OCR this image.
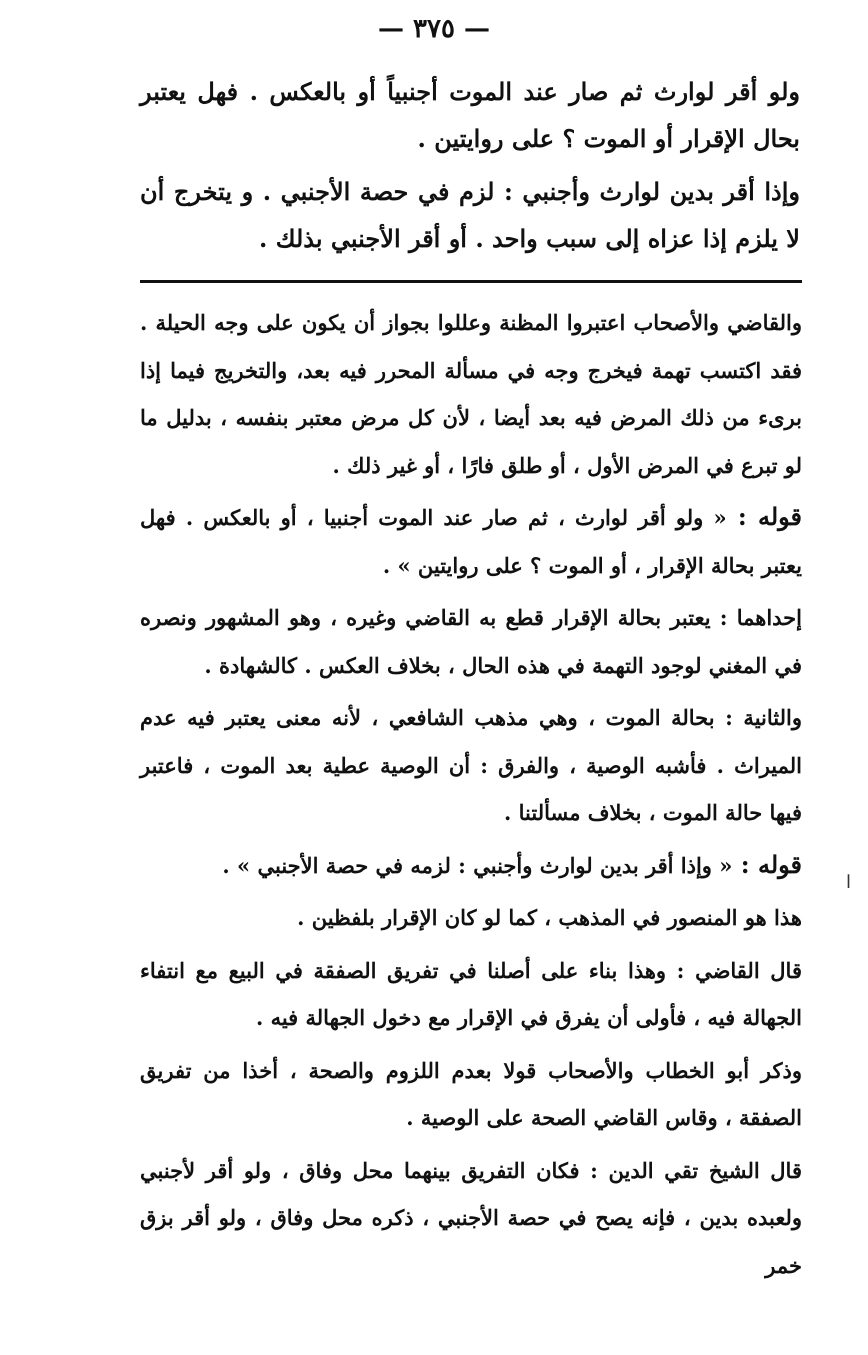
— ٣٧٥ —

ولو أقر لوارث ثم صار عند الموت أجنبياً أو بالعكس . فهل يعتبر بحال الإقرار أو الموت ؟ على روايتين .

وإذا أقر بدين لوارث وأجنبي : لزم في حصة الأجنبي . و يتخرج أن لا يلزم إذا عزاه إلى سبب واحد . أو أقر الأجنبي بذلك .

والقاضي والأصحاب اعتبروا المظنة وعللوا بجواز أن يكون على وجه الحيلة . فقد اكتسب تهمة فيخرج وجه في مسألة المحرر فيه بعد، والتخريج فيما إذا برىء من ذلك المرض فيه بعد أيضا ، لأن كل مرض معتبر بنفسه ، بدليل ما لو تبرع في المرض الأول ، أو طلق فارًا ، أو غير ذلك .

قوله : « ولو أقر لوارث ، ثم صار عند الموت أجنبيا ، أو بالعكس . فهل يعتبر بحالة الإقرار ، أو الموت ؟ على روايتين » .

إحداهما : يعتبر بحالة الإقرار قطع به القاضي وغيره ، وهو المشهور ونصره في المغني لوجود التهمة في هذه الحال ، بخلاف العكس . كالشهادة .

والثانية : بحالة الموت ، وهي مذهب الشافعي ، لأنه معنى يعتبر فيه عدم الميراث . فأشبه الوصية ، والفرق : أن الوصية عطية بعد الموت ، فاعتبر فيها حالة الموت ، بخلاف مسألتنا .

قوله : « وإذا أقر بدين لوارث وأجنبي : لزمه في حصة الأجنبي » .

هذا هو المنصور في المذهب ، كما لو كان الإقرار بلفظين .

قال القاضي : وهذا بناء على أصلنا في تفريق الصفقة في البيع مع انتفاء الجهالة فيه ، فأولى أن يفرق في الإقرار مع دخول الجهالة فيه .

وذكر أبو الخطاب والأصحاب قولا بعدم اللزوم والصحة ، أخذا من تفريق الصفقة ، وقاس القاضي الصحة على الوصية .

قال الشيخ تقي الدين : فكان التفريق بينهما محل وفاق ، ولو أقر لأجنبي ولعبده بدين ، فإنه يصح في حصة الأجنبي ، ذكره محل وفاق ، ولو أقر بزق خمر

ا
